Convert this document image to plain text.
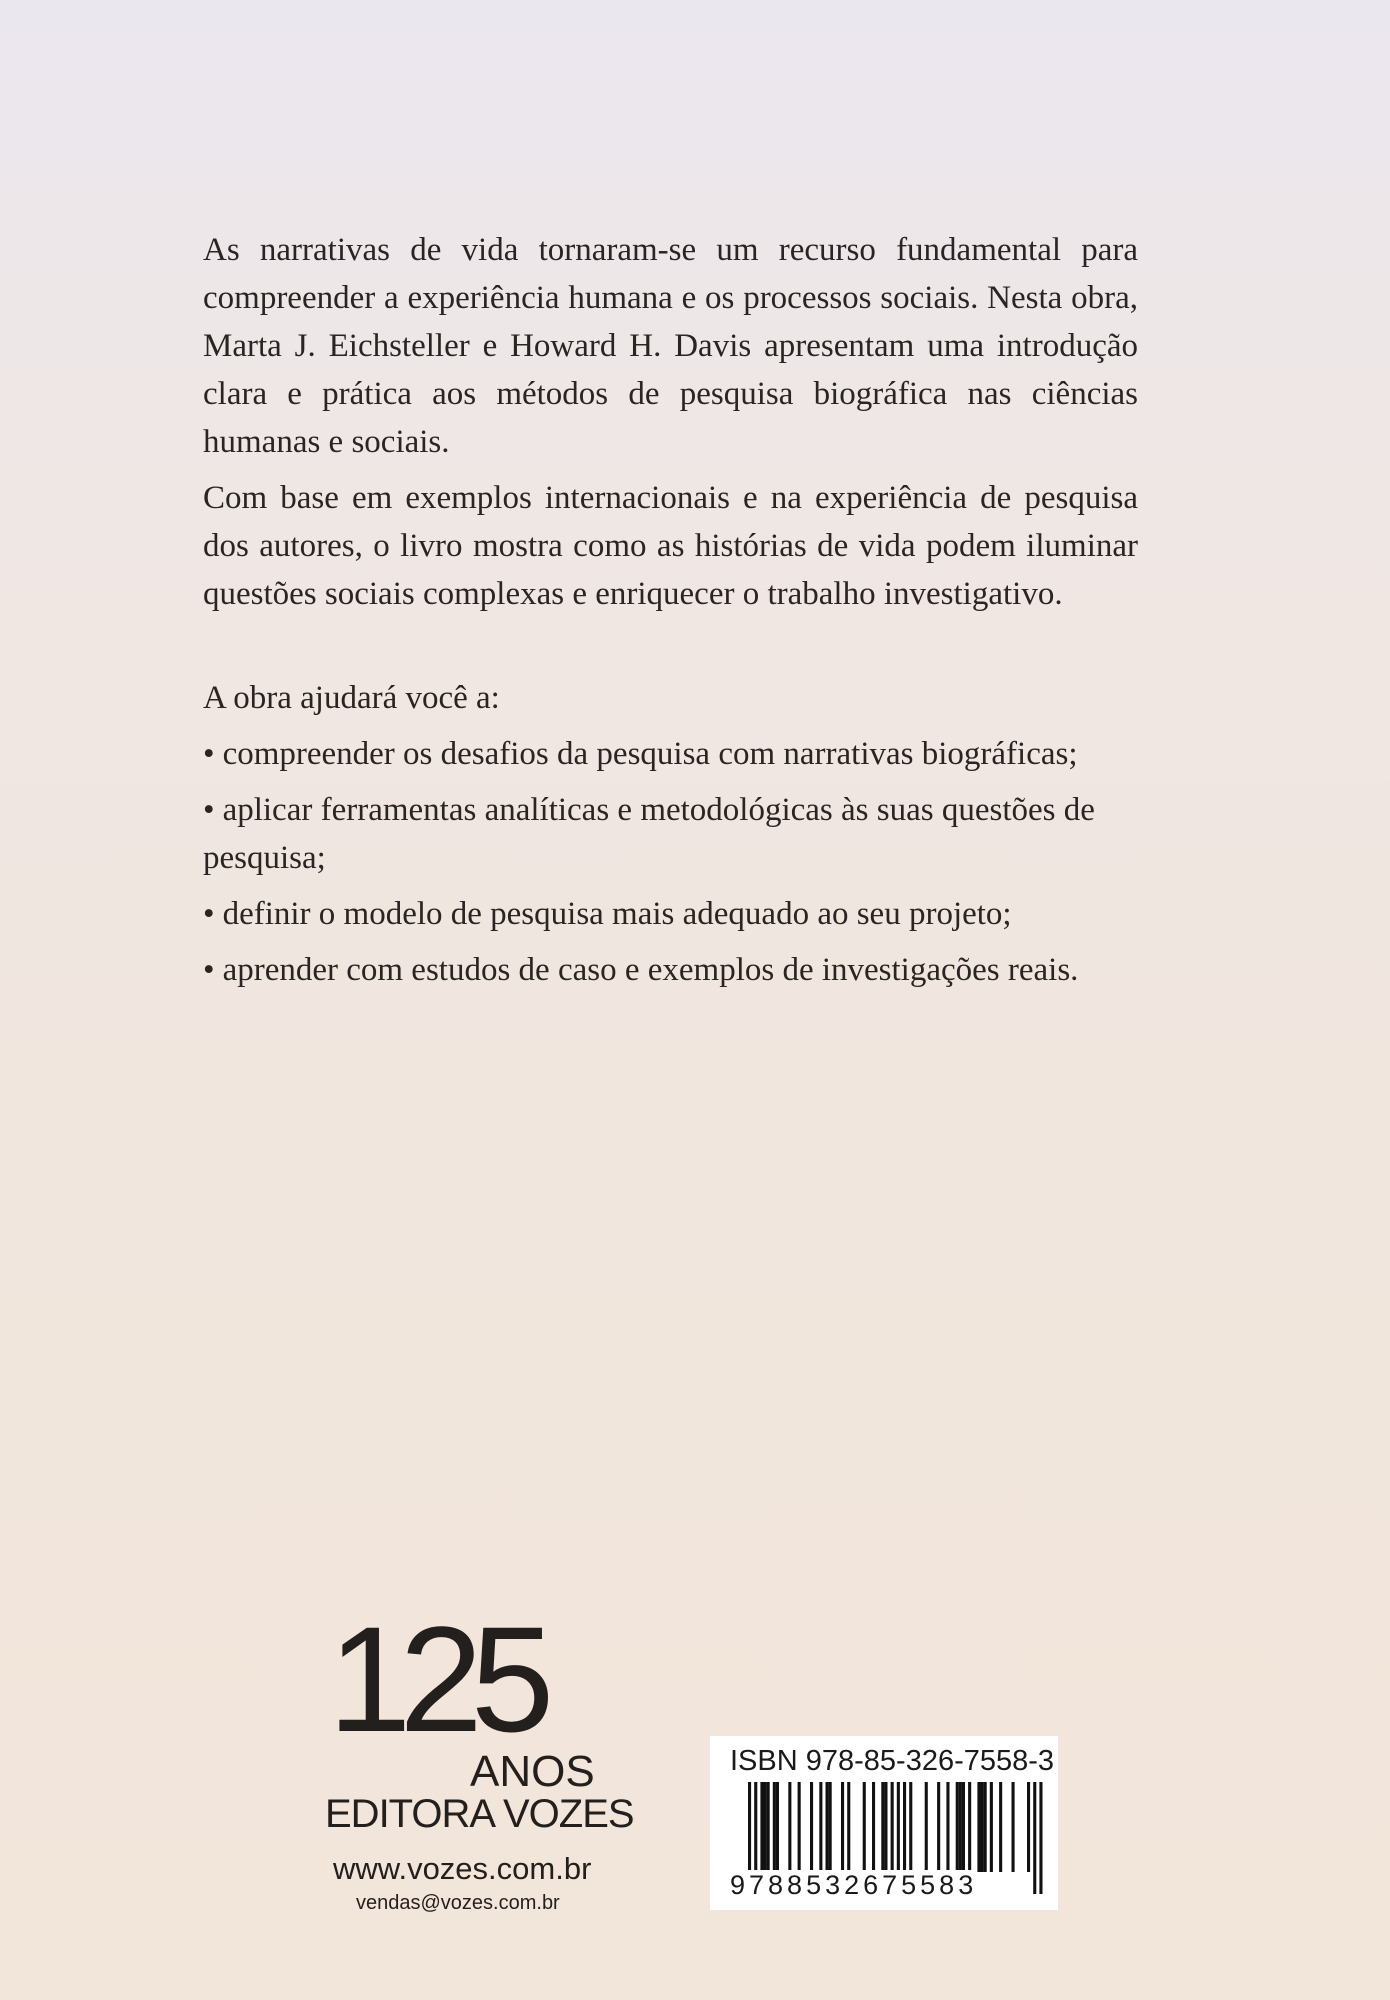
As narrativas de vida tornaram-se um recurso fundamental para compreender a experiência humana e os processos sociais. Nesta obra, Marta J. Eichsteller e Howard H. Davis apresentam uma introdução clara e prática aos métodos de pesquisa biográfica nas ciências humanas e sociais.

Com base em exemplos internacionais e na experiência de pesquisa dos autores, o livro mostra como as histórias de vida podem iluminar questões sociais complexas e enriquecer o trabalho investigativo.

A obra ajudará você a:

• compreender os desafios da pesquisa com narrativas biográficas;
• aplicar ferramentas analíticas e metodológicas às suas questões de pesquisa;
• definir o modelo de pesquisa mais adequado ao seu projeto;
• aprender com estudos de caso e exemplos de investigações reais.
125
ANOS
EDITORA VOZES
www.vozes.com.br
vendas@vozes.com.br
ISBN 978-85-326-7558-3
9788532675583
